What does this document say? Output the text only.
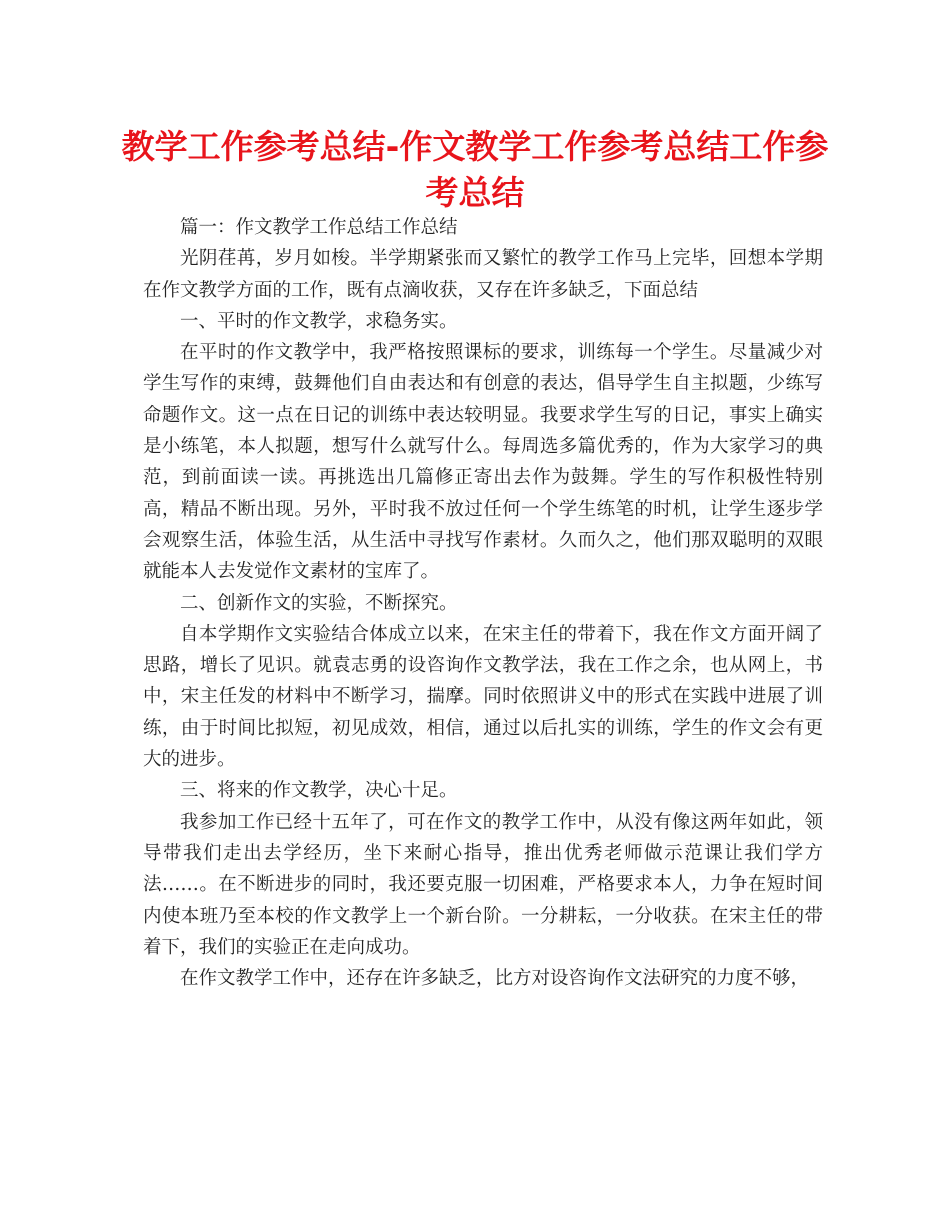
教学工作参考总结-作文教学工作参考总结工作参考总结

篇一：作文教学工作总结工作总结

光阴荏苒，岁月如梭。半学期紧张而又繁忙的教学工作马上完毕，回想本学期在作文教学方面的工作，既有点滴收获，又存在许多缺乏，下面总结

一、平时的作文教学，求稳务实。

在平时的作文教学中，我严格按照课标的要求，训练每一个学生。尽量减少对学生写作的束缚，鼓舞他们自由表达和有创意的表达，倡导学生自主拟题，少练写命题作文。这一点在日记的训练中表达较明显。我要求学生写的日记，事实上确实是小练笔，本人拟题，想写什么就写什么。每周选多篇优秀的，作为大家学习的典范，到前面读一读。再挑选出几篇修正寄出去作为鼓舞。学生的写作积极性特别高，精品不断出现。另外，平时我不放过任何一个学生练笔的时机，让学生逐步学会观察生活，体验生活，从生活中寻找写作素材。久而久之，他们那双聪明的双眼就能本人去发觉作文素材的宝库了。

二、创新作文的实验，不断探究。

自本学期作文实验结合体成立以来，在宋主任的带着下，我在作文方面开阔了思路，增长了见识。就袁志勇的设咨询作文教学法，我在工作之余，也从网上，书中，宋主任发的材料中不断学习，揣摩。同时依照讲义中的形式在实践中进展了训练，由于时间比拟短，初见成效，相信，通过以后扎实的训练，学生的作文会有更大的进步。

三、将来的作文教学，决心十足。

我参加工作已经十五年了，可在作文的教学工作中，从没有像这两年如此，领导带我们走出去学经历，坐下来耐心指导，推出优秀老师做示范课让我们学方法……。在不断进步的同时，我还要克服一切困难，严格要求本人，力争在短时间内使本班乃至本校的作文教学上一个新台阶。一分耕耘，一分收获。在宋主任的带着下，我们的实验正在走向成功。

在作文教学工作中，还存在许多缺乏，比方对设咨询作文法研究的力度不够，
